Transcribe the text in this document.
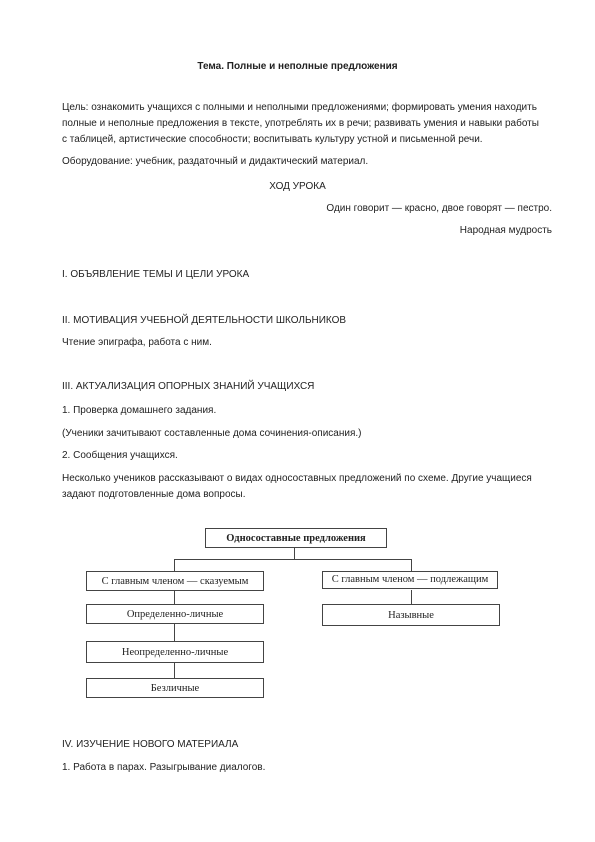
Тема. Полные и неполные предложения

Цель: ознакомить учащихся с полными и неполными предложениями; формировать умения находить полные и неполные предложения в тексте, употреблять их в речи; развивать умения и навыки работы с таблицей, артистические способности; воспитывать культуру устной и письменной речи.

Оборудование: учебник, раздаточный и дидактический материал.

ХОД УРОКА
Один говорит — красно, двое говорят — пестро.
Народная мудрость
I. ОБЪЯВЛЕНИЕ ТЕМЫ И ЦЕЛИ УРОКА
II. МОТИВАЦИЯ УЧЕБНОЙ ДЕЯТЕЛЬНОСТИ ШКОЛЬНИКОВ
Чтение эпиграфа, работа с ним.
III. АКТУАЛИЗАЦИЯ ОПОРНЫХ ЗНАНИЙ УЧАЩИХСЯ
1. Проверка домашнего задания.
(Ученики зачитывают составленные дома сочинения-описания.)
2. Сообщения учащихся.

Несколько учеников рассказывают о видах односоставных предложений по схеме. Другие учащиеся задают подготовленные дома вопросы.

Односоставные предложения
С главным членом — сказуемым	С главным членом — подлежащим
Определенно-личные
Неопределенно-личные
Безличные
Назывные
IV. ИЗУЧЕНИЕ НОВОГО МАТЕРИАЛА
1. Работа в парах. Разыгрывание диалогов.
